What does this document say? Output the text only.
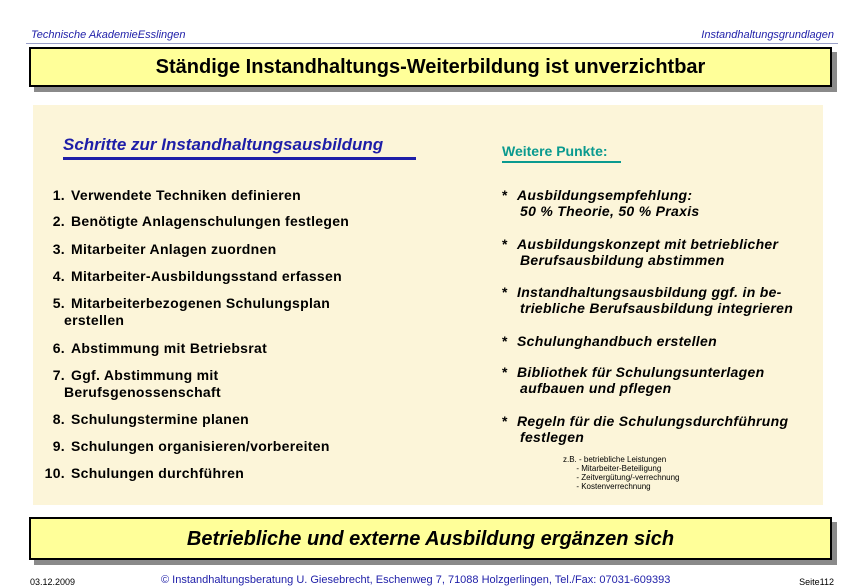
Technische AkademieEsslingen	Instandhaltungsgrundlagen
Ständige Instandhaltungs-Weiterbildung ist unverzichtbar
Schritte zur Instandhaltungsausbildung	Weitere Punkte:
1. Verwendete Techniken definieren
2. Benötigte Anlagenschulungen festlegen
3. Mitarbeiter Anlagen zuordnen
4. Mitarbeiter-Ausbildungsstand erfassen
5. Mitarbeiterbezogenen Schulungsplan
erstellen
6. Abstimmung mit Betriebsrat
7. Ggf. Abstimmung mit
Berufsgenossenschaft
8. Schulungstermine planen
9. Schulungen organisieren/vorbereiten
10. Schulungen durchführen
* Ausbildungsempfehlung:
50 % Theorie, 50 % Praxis
* Ausbildungskonzept mit betrieblicher
Berufsausbildung abstimmen
* Instandhaltungsausbildung ggf. in be-
triebliche Berufsausbildung integrieren
* Schulunghandbuch erstellen
* Bibliothek für Schulungsunterlagen
aufbauen und pflegen
* Regeln für die Schulungsdurchführung
festlegen
z.B. - betriebliche Leistungen
- Mitarbeiter-Beteiligung
- Zeitvergütung/-verrechnung
- Kostenverrechnung
Betriebliche und externe Ausbildung ergänzen sich
03.12.2009	© Instandhaltungsberatung U. Giesebrecht, Eschenweg 7, 71088 Holzgerlingen, Tel./Fax: 07031-609393	Seite112
